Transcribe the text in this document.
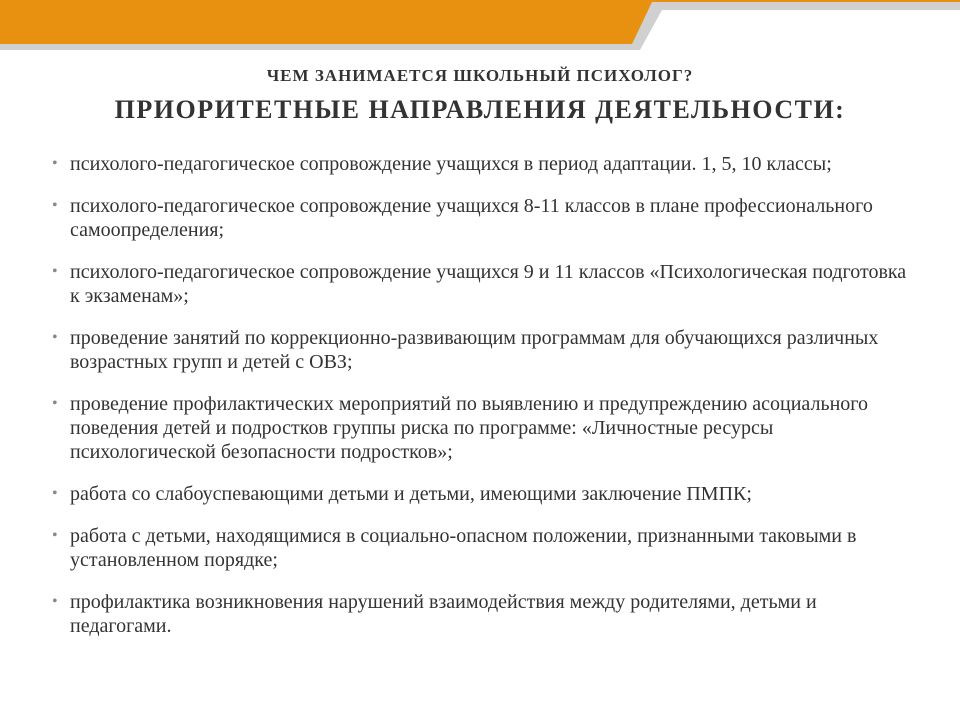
ЧЕМ ЗАНИМАЕТСЯ ШКОЛЬНЫЙ ПСИХОЛОГ?

ПРИОРИТЕТНЫЕ НАПРАВЛЕНИЯ ДЕЯТЕЛЬНОСТИ:

• психолого-педагогическое сопровождение учащихся в период адаптации. 1, 5, 10 классы;
• психолого-педагогическое сопровождение учащихся 8-11 классов в плане профессионального самоопределения;
• психолого-педагогическое сопровождение учащихся 9 и 11 классов «Психологическая подготовка к экзаменам»;
• проведение занятий по коррекционно-развивающим программам для обучающихся различных возрастных групп и детей с ОВЗ;
• проведение профилактических мероприятий по выявлению и предупреждению асоциального поведения детей и подростков группы риска по программе: «Личностные ресурсы психологической безопасности подростков»;
• работа со слабоуспевающими детьми и детьми, имеющими заключение ПМПК;
• работа с детьми, находящимися в социально-опасном положении, признанными таковыми в установленном порядке;
• профилактика возникновения нарушений взаимодействия между родителями, детьми и педагогами.
